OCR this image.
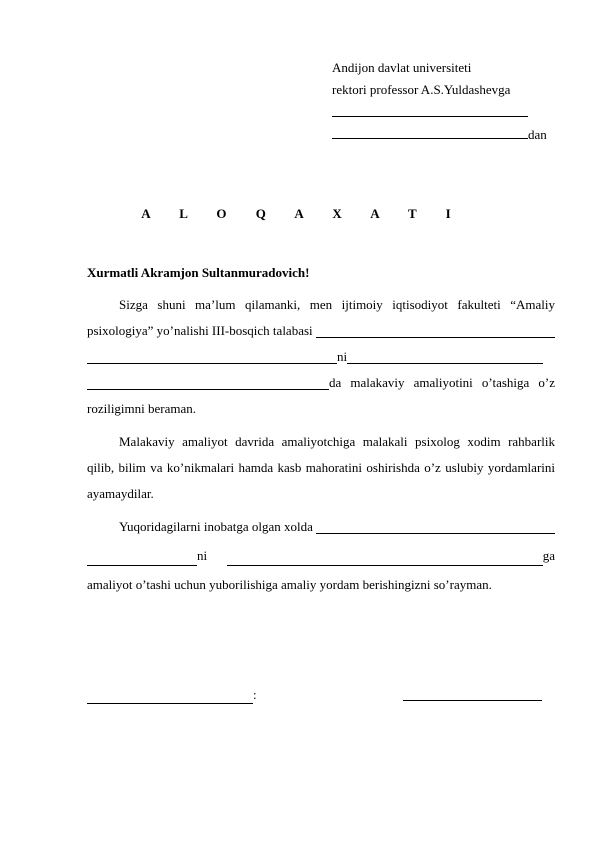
Andijon davlat universiteti
rektori professor A.S.Yuldashevga
dan
A L O Q A X A T I
Xurmatli Akramjon Sultanmuradovich!
Sizga shuni ma’lum qilamanki, men ijtimoiy iqtisodiyot fakulteti “Amaliy
psixologiya” yo’nalishi III-bosqich talabasi
ni
da malakaviy amaliyotini o’tashiga o’z
roziligimni beraman.

Malakaviy amaliyot davrida amaliyotchiga malakali psixolog xodim rahbarlik qilib, bilim va ko’nikmalari hamda kasb mahoratini oshirishda o’z uslubiy yordamlarini ayamaydilar.

Yuqoridagilarni inobatga olgan xolda
ni	ga
amaliyot o’tashi uchun yuborilishiga amaliy yordam berishingizni so’rayman.
:
